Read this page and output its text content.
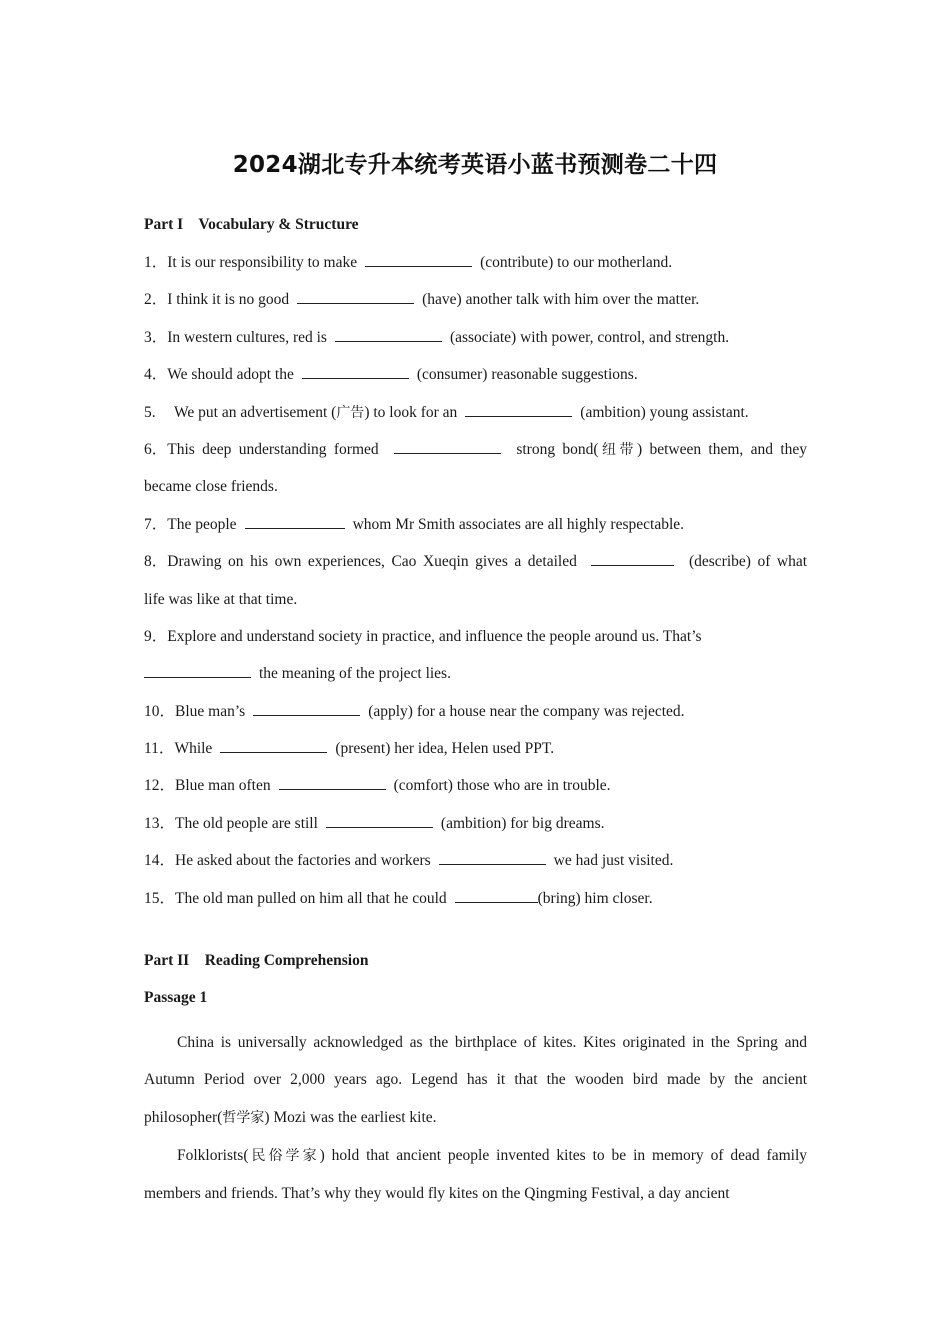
2024湖北专升本统考英语小蓝书预测卷二十四
Part I    Vocabulary & Structure
1．It is our responsibility to make	(contribute) to our motherland.
2．I think it is no good	(have) another talk with him over the matter.
3．In western cultures, red is	(associate) with power, control, and strength.
4．We should adopt the	(consumer) reasonable suggestions.
5. We put an advertisement (广告) to look for an	(ambition) young assistant.
6．This deep understanding formed	strong bond(纽带) between them, and they
became close friends.
7．The people	whom Mr Smith associates are all highly respectable.
8．Drawing on his own experiences, Cao Xueqin gives a detailed	(describe) of what
life was like at that time.
9．Explore and understand society in practice, and influence the people around us. That’s
the meaning of the project lies.
10．Blue man’s	(apply) for a house near the company was rejected.
11．While	(present) her idea, Helen used PPT.
12．Blue man often	(comfort) those who are in trouble.
13．The old people are still	(ambition) for big dreams.
14．He asked about the factories and workers	we had just visited.
15．The old man pulled on him all that he could	(bring) him closer.
Part II    Reading Comprehension
Passage 1

China is universally acknowledged as the birthplace of kites. Kites originated in the Spring and Autumn Period over 2,000 years ago. Legend has it that the wooden bird made by the ancient philosopher(哲学家) Mozi was the earliest kite.

Folklorists(民俗学家) hold that ancient people invented kites to be in memory of dead family members and friends. That’s why they would fly kites on the Qingming Festival, a day ancient
